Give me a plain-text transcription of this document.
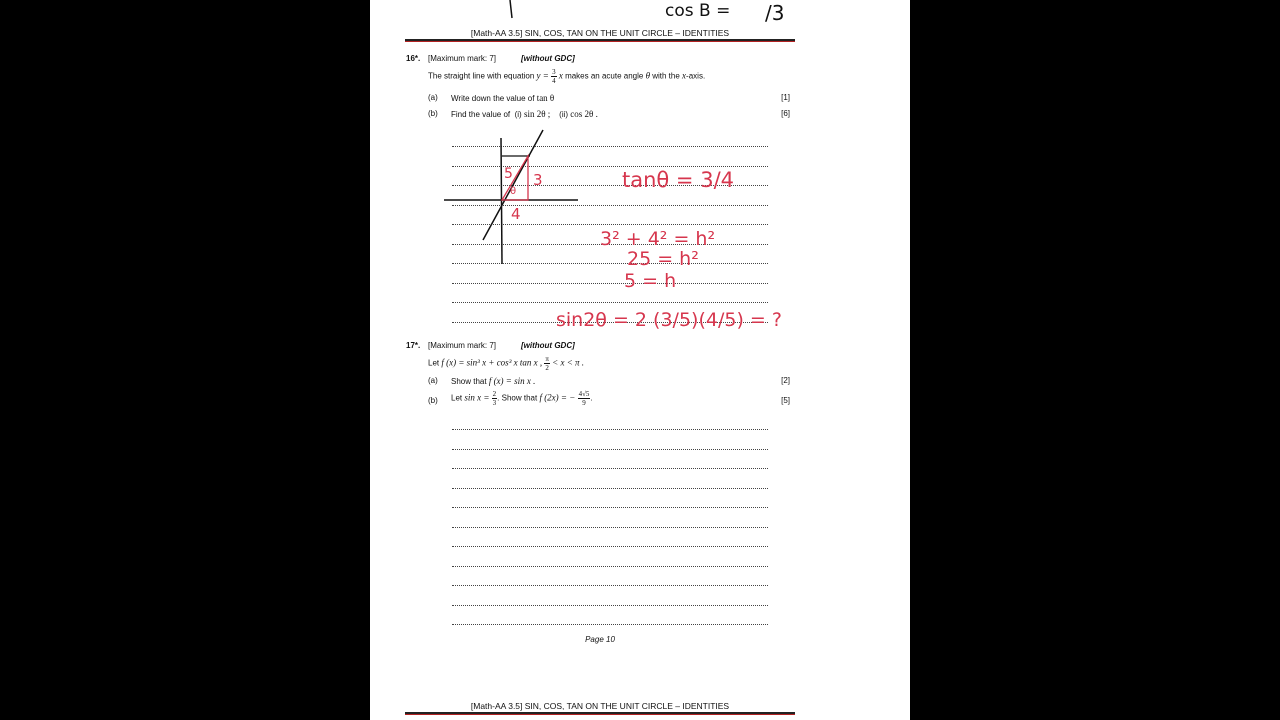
cos B = /3
[Math-AA 3.5] SIN, COS, TAN ON THE UNIT CIRCLE – IDENTITIES
16*. [Maximum mark: 7]	[without GDC]
The straight line with equation $y = \frac{3}{4}$ x makes an acute angle θ with the x-axis.
(a) Write down the value of tan θ	[1]
(b) Find the value of (i) sin 2θ ; (ii) cos 2θ .	[6]
5 3
4
θ	tanθ = 3/4
3² + 4² = h²
25 = h²
5 = h
sin2θ = 2 (3/5)(4/5) = ?
17*. [Maximum mark: 7]	[without GDC]
Let f (x) = sin³ x + cos³ x tan x , $\frac{\pi}{2} < x < \pi$ .
(a) Show that f (x) = sin x .	[2]
(b) Let $\sin x = \frac{2}{3}$ . Show that f (2x) = − $\frac{4√5}{9}$ .	[5]
Page 10
[Math-AA 3.5] SIN, COS, TAN ON THE UNIT CIRCLE – IDENTITIES
